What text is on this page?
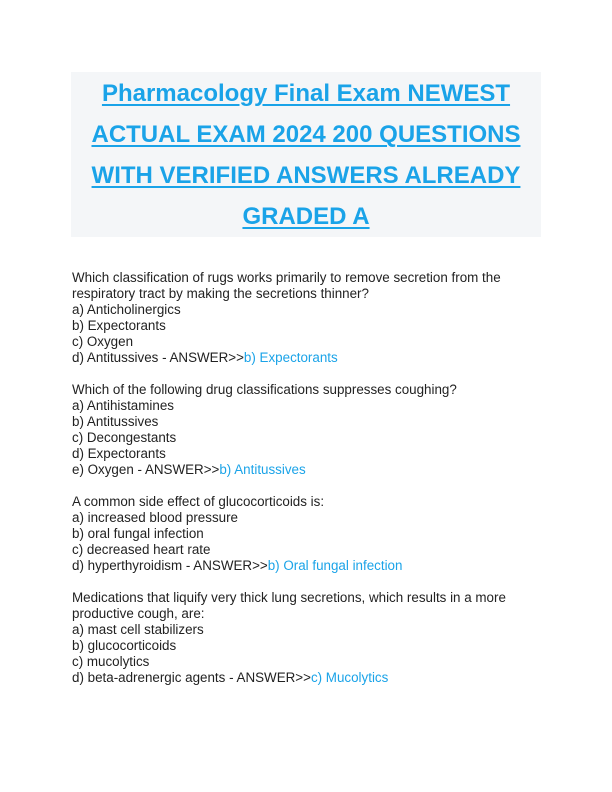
Pharmacology Final Exam NEWEST
ACTUAL EXAM 2024 200 QUESTIONS
WITH VERIFIED ANSWERS ALREADY
GRADED A
Which classification of rugs works primarily to remove secretion from the
respiratory tract by making the secretions thinner?
a) Anticholinergics
b) Expectorants
c) Oxygen
d) Antitussives - ANSWER>>b) Expectorants
Which of the following drug classifications suppresses coughing?
a) Antihistamines
b) Antitussives
c) Decongestants
d) Expectorants
e) Oxygen - ANSWER>>b) Antitussives
A common side effect of glucocorticoids is:
a) increased blood pressure
b) oral fungal infection
c) decreased heart rate
d) hyperthyroidism - ANSWER>>b) Oral fungal infection
Medications that liquify very thick lung secretions, which results in a more
productive cough, are:
a) mast cell stabilizers
b) glucocorticoids
c) mucolytics
d) beta-adrenergic agents - ANSWER>>c) Mucolytics
